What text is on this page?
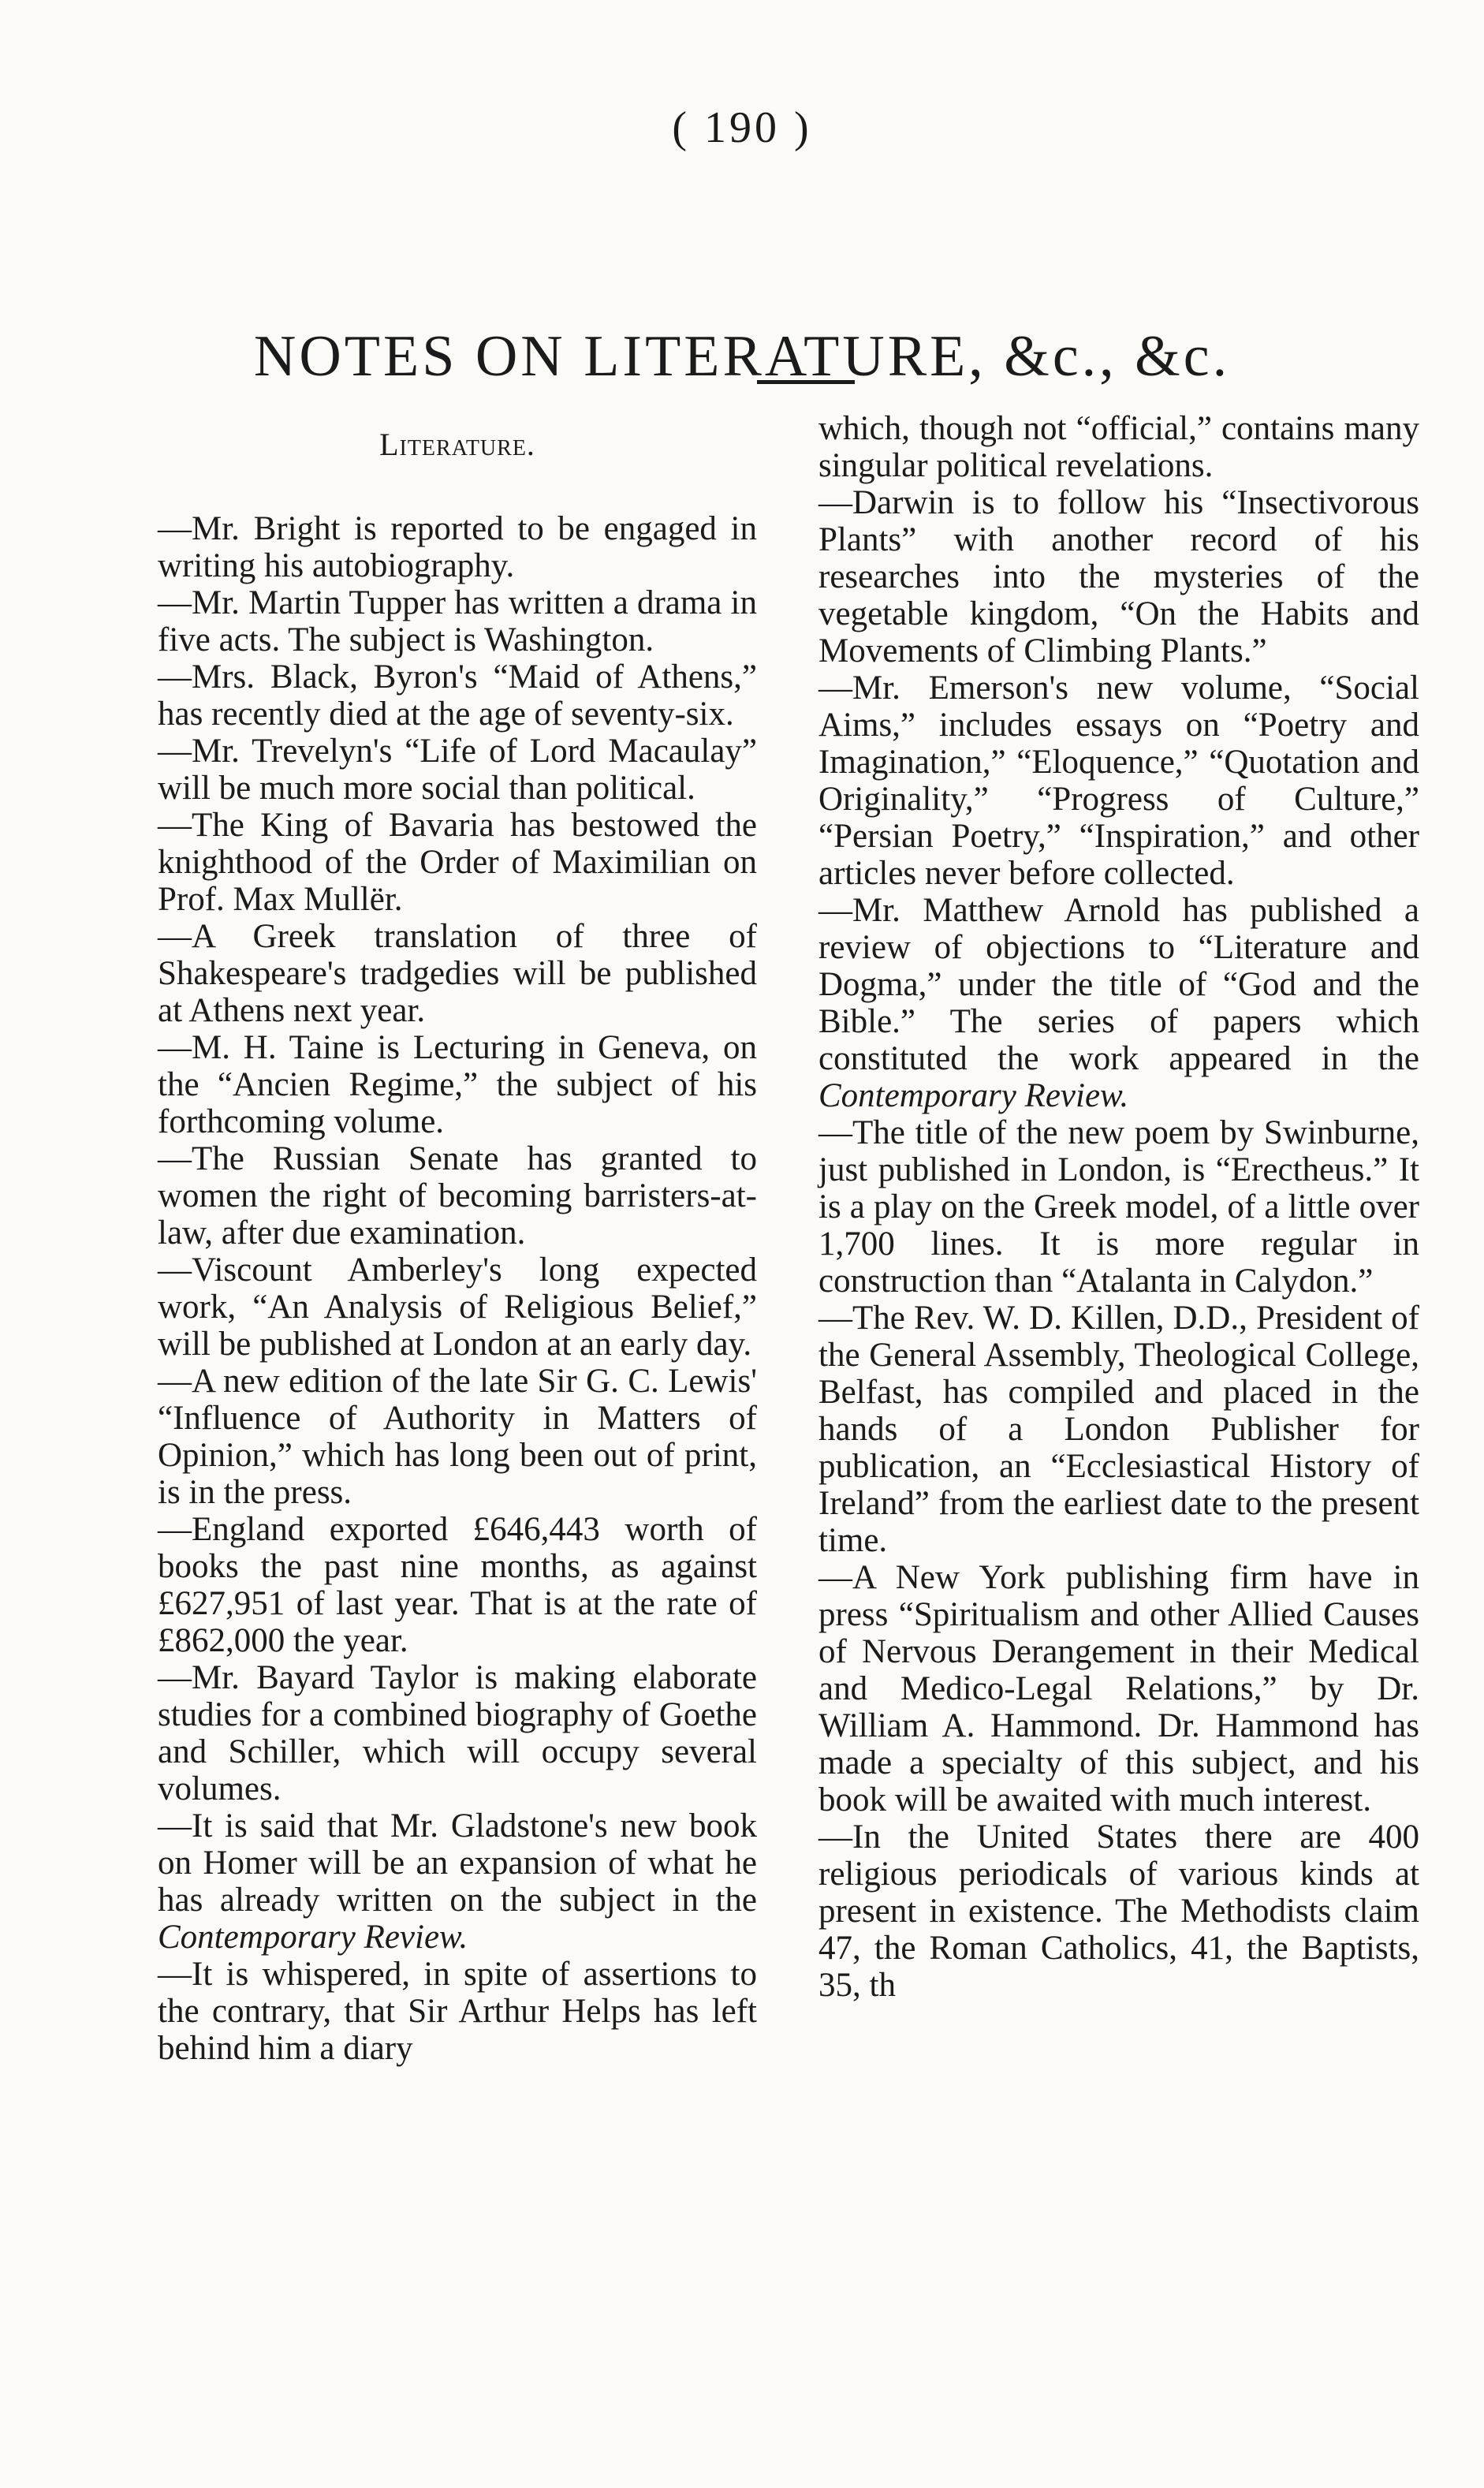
( 190 )
NOTES ON LITERATURE, &c., &c.
Literature.

—Mr. Bright is reported to be engaged in writing his autobiography.

—Mr. Martin Tupper has written a drama in five acts. The subject is Washington.

—Mrs. Black, Byron's “Maid of Athens,” has recently died at the age of seventy-six.

—Mr. Trevelyn's “Life of Lord Macaulay” will be much more social than political.

—The King of Bavaria has bestowed the knighthood of the Order of Maximilian on Prof. Max Mullër.

—A Greek translation of three of Shakespeare's tradgedies will be published at Athens next year.

—M. H. Taine is Lecturing in Geneva, on the “Ancien Regime,” the subject of his forthcoming volume.

—The Russian Senate has granted to women the right of becoming barristers-at-law, after due examination.

—Viscount Amberley's long expected work, “An Analysis of Religious Belief,” will be published at London at an early day.

—A new edition of the late Sir G. C. Lewis' “Influence of Authority in Matters of Opinion,” which has long been out of print, is in the press.

—England exported £646,443 worth of books the past nine months, as against £627,951 of last year. That is at the rate of £862,000 the year.

—Mr. Bayard Taylor is making elaborate studies for a combined biography of Goethe and Schiller, which will occupy several volumes.

—It is said that Mr. Gladstone's new book on Homer will be an expansion of what he has already written on the subject in the Contemporary Review.

—It is whispered, in spite of assertions to the contrary, that Sir Arthur Helps has left behind him a diary

which, though not “official,” contains many singular political revelations.

—Darwin is to follow his “Insectivorous Plants” with another record of his researches into the mysteries of the vegetable kingdom, “On the Habits and Movements of Climbing Plants.”

—Mr. Emerson's new volume, “Social Aims,” includes essays on “Poetry and Imagination,” “Eloquence,” “Quotation and Originality,” “Progress of Culture,” “Persian Poetry,” “Inspiration,” and other articles never before collected.

—Mr. Matthew Arnold has published a review of objections to “Literature and Dogma,” under the title of “God and the Bible.” The series of papers which constituted the work appeared in the Contemporary Review.

—The title of the new poem by Swinburne, just published in London, is “Erectheus.” It is a play on the Greek model, of a little over 1,700 lines. It is more regular in construction than “Atalanta in Calydon.”

—The Rev. W. D. Killen, D.D., President of the General Assembly, Theological College, Belfast, has compiled and placed in the hands of a London Publisher for publication, an “Ecclesiastical History of Ireland” from the earliest date to the present time.

—A New York publishing firm have in press “Spiritualism and other Allied Causes of Nervous Derangement in their Medical and Medico-Legal Relations,” by Dr. William A. Hammond. Dr. Hammond has made a specialty of this subject, and his book will be awaited with much interest.

—In the United States there are 400 religious periodicals of various kinds at present in existence. The Methodists claim 47, the Roman Catholics, 41, the Baptists, 35, th
